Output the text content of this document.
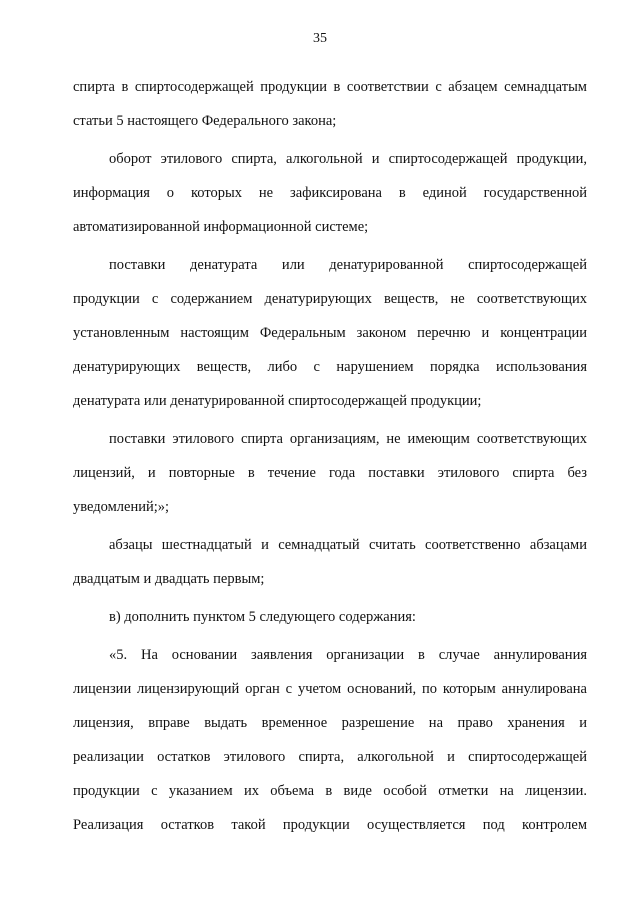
35
спирта в спиртосодержащей продукции в соответствии с абзацем семнадцатым
статьи 5 настоящего Федерального закона;
оборот этилового спирта, алкогольной и спиртосодержащей продукции,
информация о которых не зафиксирована в единой государственной
автоматизированной информационной системе;
поставки денатурата или денатурированной спиртосодержащей
продукции с содержанием денатурирующих веществ, не соответствующих
установленным настоящим Федеральным законом перечню и концентрации
денатурирующих веществ, либо с нарушением порядка использования
денатурата или денатурированной спиртосодержащей продукции;
поставки этилового спирта организациям, не имеющим соответствующих
лицензий, и повторные в течение года поставки этилового спирта без
уведомлений;»;
абзацы шестнадцатый и семнадцатый считать соответственно абзацами
двадцатым и двадцать первым;
в) дополнить пунктом 5 следующего содержания:
«5. На основании заявления организации в случае аннулирования
лицензии лицензирующий орган с учетом оснований, по которым аннулирована
лицензия, вправе выдать временное разрешение на право хранения и
реализации остатков этилового спирта, алкогольной и спиртосодержащей
продукции с указанием их объема в виде особой отметки на лицензии.
Реализация остатков такой продукции осуществляется под контролем
